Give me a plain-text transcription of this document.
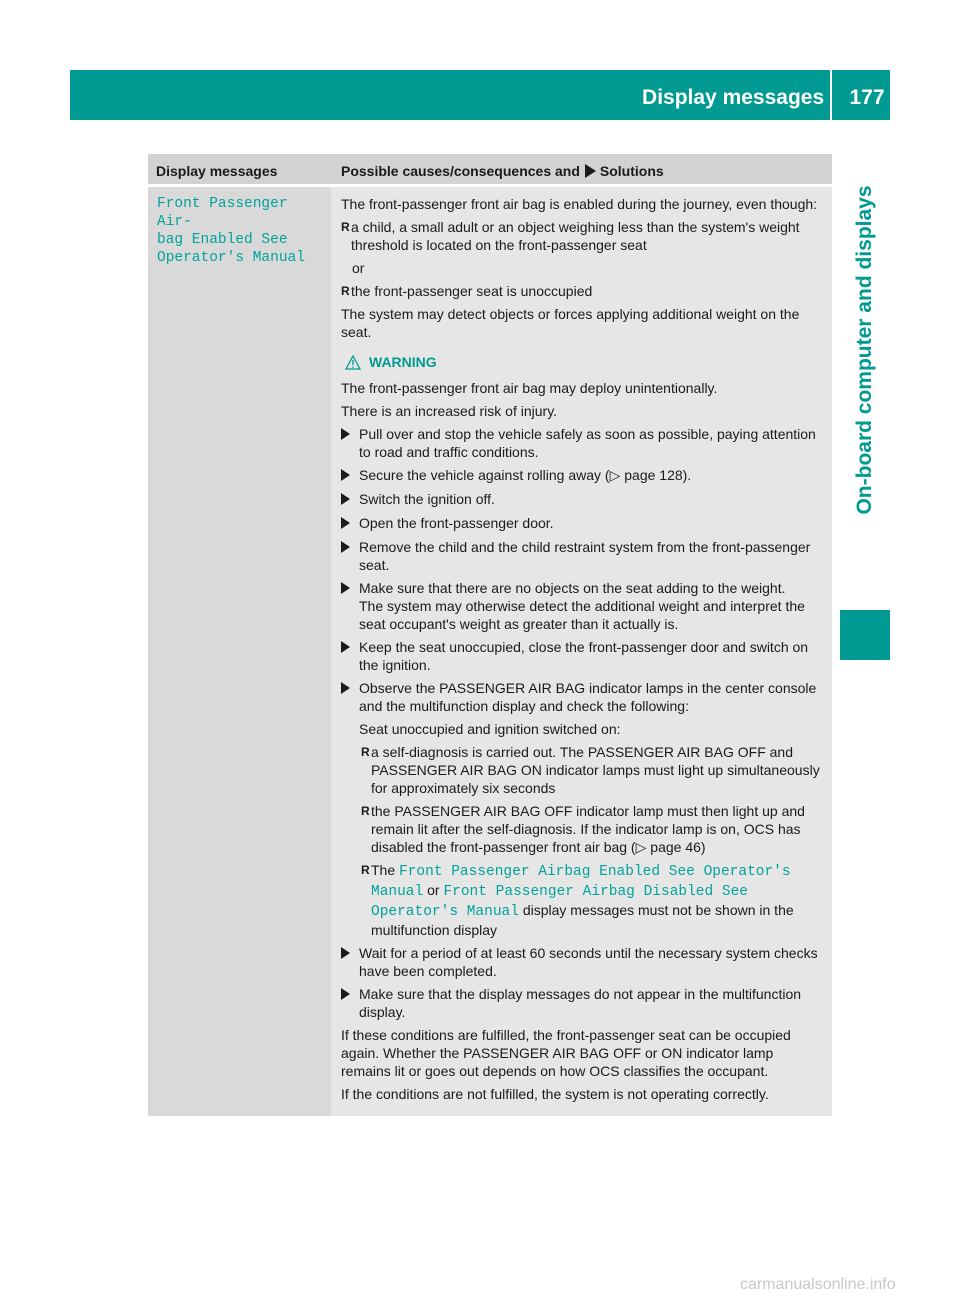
Display messages 177
On-board computer and displays
Display messages	Possible causes/consequences and Solutions
Front Passenger Air‐
bag Enabled See
Operator's Manual

The front-passenger front air bag is enabled during the journey, even though:

R a child, a small adult or an object weighing less than the system's weight threshold is located on the front-passenger seat

or

R the front-passenger seat is unoccupied

The system may detect objects or forces applying additional weight on the seat.

WARNING

The front-passenger front air bag may deploy unintentionally.

There is an increased risk of injury.

Pull over and stop the vehicle safely as soon as possible, paying attention to road and traffic conditions.
Secure the vehicle against rolling away (▷ page 128).
Switch the ignition off.
Open the front-passenger door.
Remove the child and the child restraint system from the front-passenger seat.
Make sure that there are no objects on the seat adding to the weight.
The system may otherwise detect the additional weight and interpret the seat occupant's weight as greater than it actually is.
Keep the seat unoccupied, close the front-passenger door and switch on the ignition.
Observe the PASSENGER AIR BAG indicator lamps in the center console and the multifunction display and check the following:

Seat unoccupied and ignition switched on:

R a self-diagnosis is carried out. The PASSENGER AIR BAG OFF and PASSENGER AIR BAG ON indicator lamps must light up simultaneously for approximately six seconds
R the PASSENGER AIR BAG OFF indicator lamp must then light up and remain lit after the self-diagnosis. If the indicator lamp is on, OCS has disabled the front-passenger front air bag (▷ page 46)
R The Front Passenger Airbag Enabled See Operator's Manual or Front Passenger Airbag Disabled See Operator's Manual display messages must not be shown in the multifunction display
Wait for a period of at least 60 seconds until the necessary system checks have been completed.
Make sure that the display messages do not appear in the multifunction display.

If these conditions are fulfilled, the front-passenger seat can be occupied again. Whether the PASSENGER AIR BAG OFF or ON indicator lamp remains lit or goes out depends on how OCS classifies the occupant.

If the conditions are not fulfilled, the system is not operating correctly.

carmanualsonline.info
